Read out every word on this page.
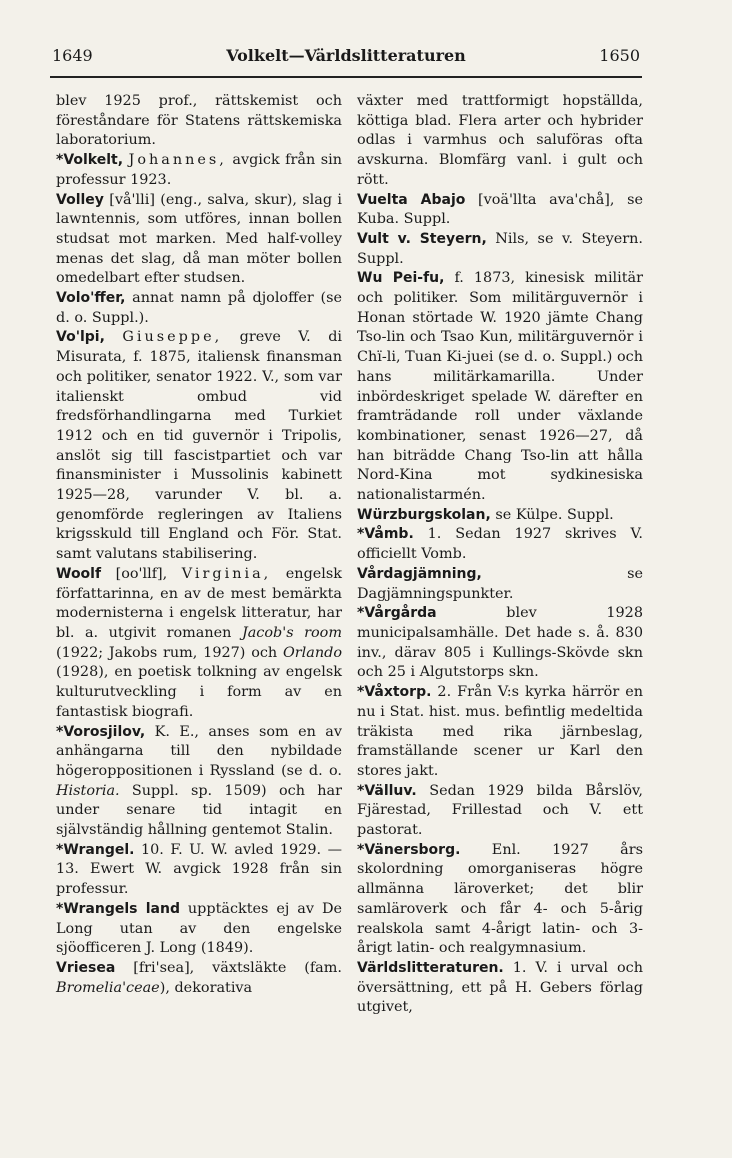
1649	Volkelt—Världslitteraturen	1650

blev 1925 prof., rättskemist och föreståndare för Statens rättskemiska laboratorium.

*Volkelt, Johannes, avgick från sin professur 1923.

Volley [vå'lli] (eng., salva, skur), slag i lawntennis, som utföres, innan bollen studsat mot marken. Med half-volley menas det slag, då man möter bollen omedelbart efter studsen.

Volo'ffer, annat namn på djoloffer (se d. o. Suppl.).

Vo'lpi, Giuseppe, greve V. di Misurata, f. 1875, italiensk finansman och politiker, senator 1922. V., som var italienskt ombud vid fredsförhandlingarna med Turkiet 1912 och en tid guvernör i Tripolis, anslöt sig till fascistpartiet och var finansminister i Mussolinis kabinett 1925—28, varunder V. bl. a. genomförde regleringen av Italiens krigsskuld till England och För. Stat. samt valutans stabilisering.

Woolf [oo'llf], Virginia, engelsk författarinna, en av de mest bemärkta modernisterna i engelsk litteratur, har bl. a. utgivit romanen Jacob's room (1922; Jakobs rum, 1927) och Orlando (1928), en poetisk tolkning av engelsk kulturutveckling i form av en fantastisk biografi.

*Vorosjilov, K. E., anses som en av anhängarna till den nybildade högeroppositionen i Ryssland (se d. o. Historia. Suppl. sp. 1509) och har under senare tid intagit en självständig hållning gentemot Stalin.

*Wrangel. 10. F. U. W. avled 1929. — 13. Ewert W. avgick 1928 från sin professur.

*Wrangels land upptäcktes ej av De Long utan av den engelske sjöofficeren J. Long (1849).

Vriesea [fri'sea], växtsläkte (fam. Bromelia'ceae), dekorativa

växter med trattformigt hopställda, köttiga blad. Flera arter och hybrider odlas i varmhus och saluföras ofta avskurna. Blomfärg vanl. i gult och rött.

Vuelta Abajo [voä'llta ava'chå], se Kuba. Suppl.

Vult v. Steyern, Nils, se v. Steyern. Suppl.

Wu Pei-fu, f. 1873, kinesisk militär och politiker. Som militärguvernör i Honan störtade W. 1920 jämte Chang Tso-lin och Tsao Kun, militärguvernör i Chï-li, Tuan Ki-juei (se d. o. Suppl.) och hans militärkamarilla. Under inbördeskriget spelade W. därefter en framträdande roll under växlande kombinationer, senast 1926—27, då han biträdde Chang Tso-lin att hålla Nord-Kina mot sydkinesiska nationalistarmén.

Würzburgskolan, se Külpe. Suppl.

*Våmb. 1. Sedan 1927 skrives V. officiellt Vomb.

Vårdagjämning, se Dagjämningspunkter.

*Vårgårda blev 1928 municipalsamhälle. Det hade s. å. 830 inv., därav 805 i Kullings-Skövde skn och 25 i Algutstorps skn.

*Våxtorp. 2. Från V:s kyrka härrör en nu i Stat. hist. mus. befintlig medeltida träkista med rika järnbeslag, framställande scener ur Karl den stores jakt.

*Välluv. Sedan 1929 bilda Bårslöv, Fjärestad, Frillestad och V. ett pastorat.

*Vänersborg. Enl. 1927 års skolordning omorganiseras högre allmänna läroverket; det blir samläroverk och får 4- och 5-årig realskola samt 4-årigt latin- och 3-årigt latin- och realgymnasium.

Världslitteraturen. 1. V. i urval och översättning, ett på H. Gebers förlag utgivet,
